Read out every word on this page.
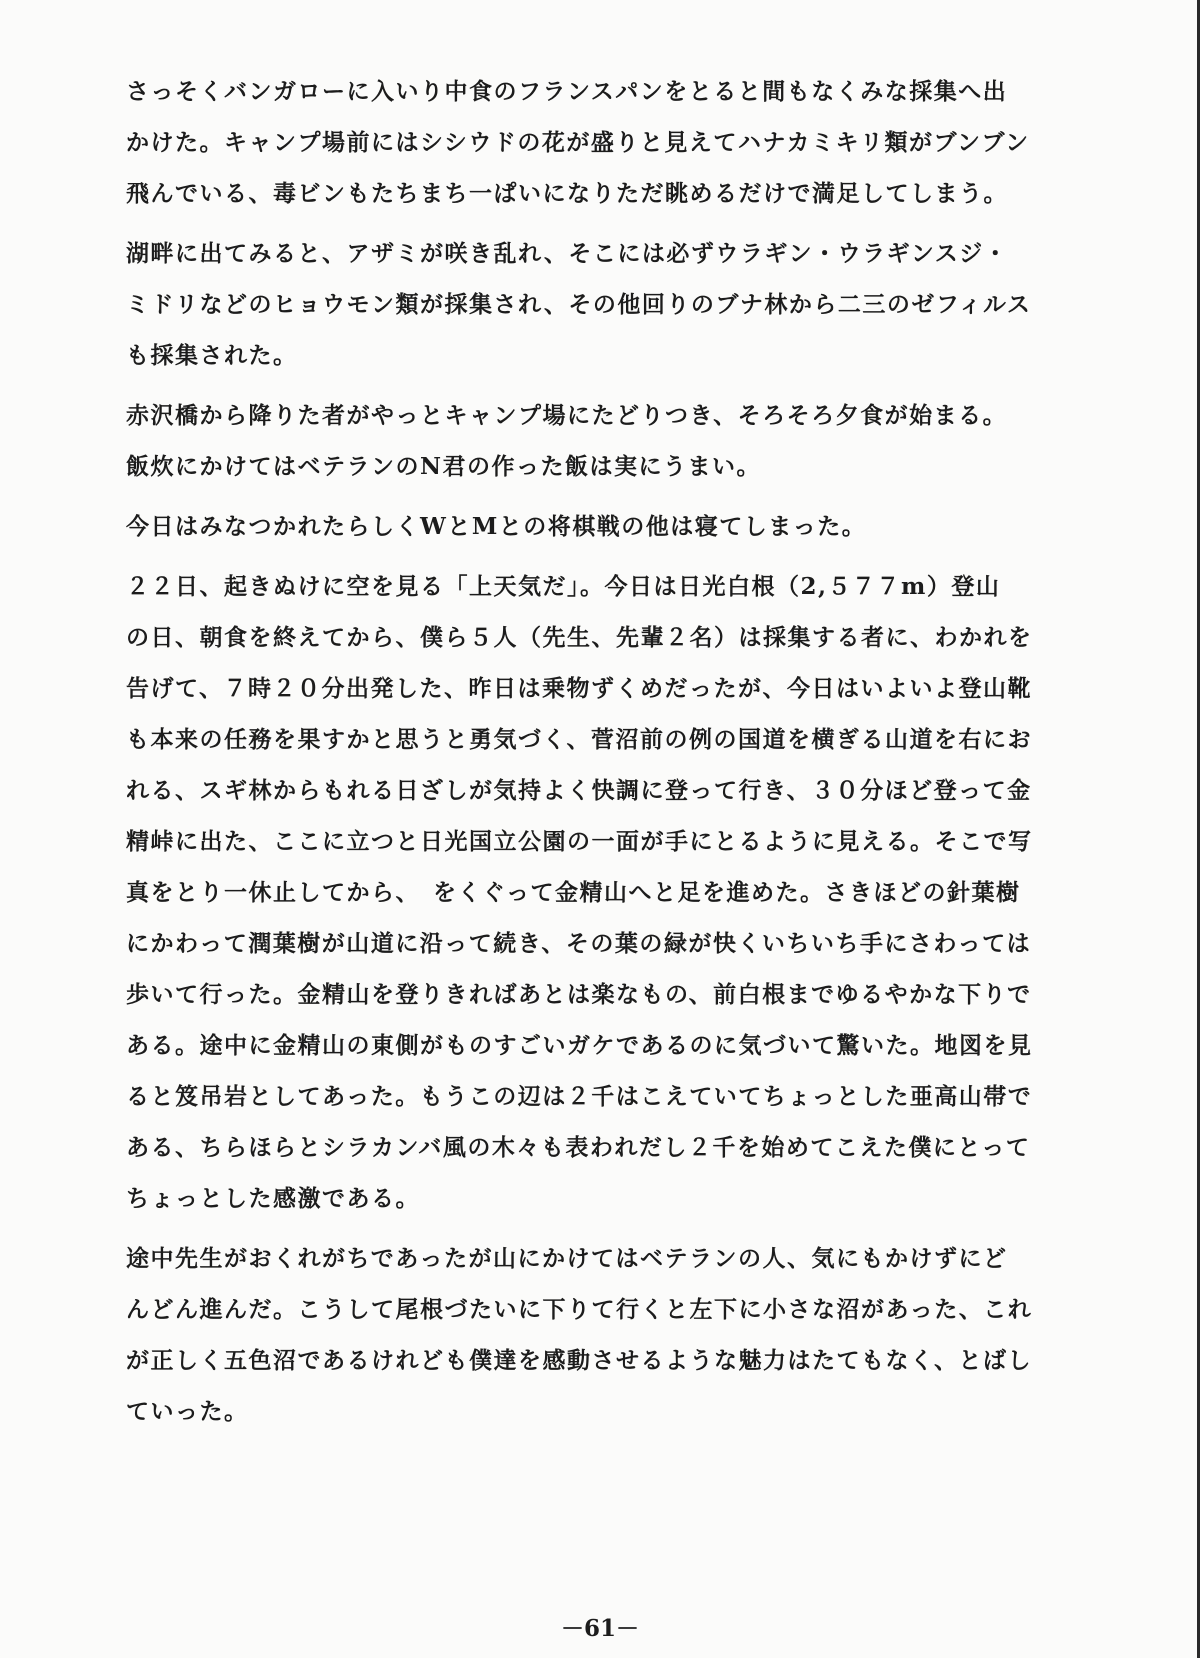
さっそくバンガローに入いり中食のフランスパンをとると間もなくみな採集へ出
かけた。キャンプ場前にはシシウドの花が盛りと見えてハナカミキリ類がブンブン
飛んでいる、毒ビンもたちまち一ぱいになりただ眺めるだけで満足してしまう。
湖畔に出てみると、アザミが咲き乱れ、そこには必ずウラギン・ウラギンスジ・
ミドリなどのヒョウモン類が採集され、その他回りのブナ林から二三のゼフィルス
も採集された。
赤沢橋から降りた者がやっとキャンプ場にたどりつき、そろそろ夕食が始まる。
飯炊にかけてはベテランのN君の作った飯は実にうまい。
今日はみなつかれたらしくWとMとの将棋戦の他は寝てしまった。
２２日、起きぬけに空を見る「上天気だ」。今日は日光白根（2,５７７m）登山
の日、朝食を終えてから、僕ら５人（先生、先輩２名）は採集する者に、わかれを
告げて、７時２０分出発した、昨日は乗物ずくめだったが、今日はいよいよ登山靴
も本来の任務を果すかと思うと勇気づく、菅沼前の例の国道を横ぎる山道を右にお
れる、スギ林からもれる日ざしが気持よく快調に登って行き、３０分ほど登って金
精峠に出た、ここに立つと日光国立公園の一面が手にとるように見える。そこで写
真をとり一休止してから、　をくぐって金精山へと足を進めた。さきほどの針葉樹
にかわって潤葉樹が山道に沿って続き、その葉の緑が快くいちいち手にさわっては
歩いて行った。金精山を登りきればあとは楽なもの、前白根までゆるやかな下りで
ある。途中に金精山の東側がものすごいガケであるのに気づいて驚いた。地図を見
ると笈吊岩としてあった。もうこの辺は２千はこえていてちょっとした亜高山帯で
ある、ちらほらとシラカンバ風の木々も表われだし２千を始めてこえた僕にとって
ちょっとした感激である。
途中先生がおくれがちであったが山にかけてはベテランの人、気にもかけずにど
んどん進んだ。こうして尾根づたいに下りて行くと左下に小さな沼があった、これ
が正しく五色沼であるけれども僕達を感動させるような魅力はたてもなく、とばし
ていった。
－61－
